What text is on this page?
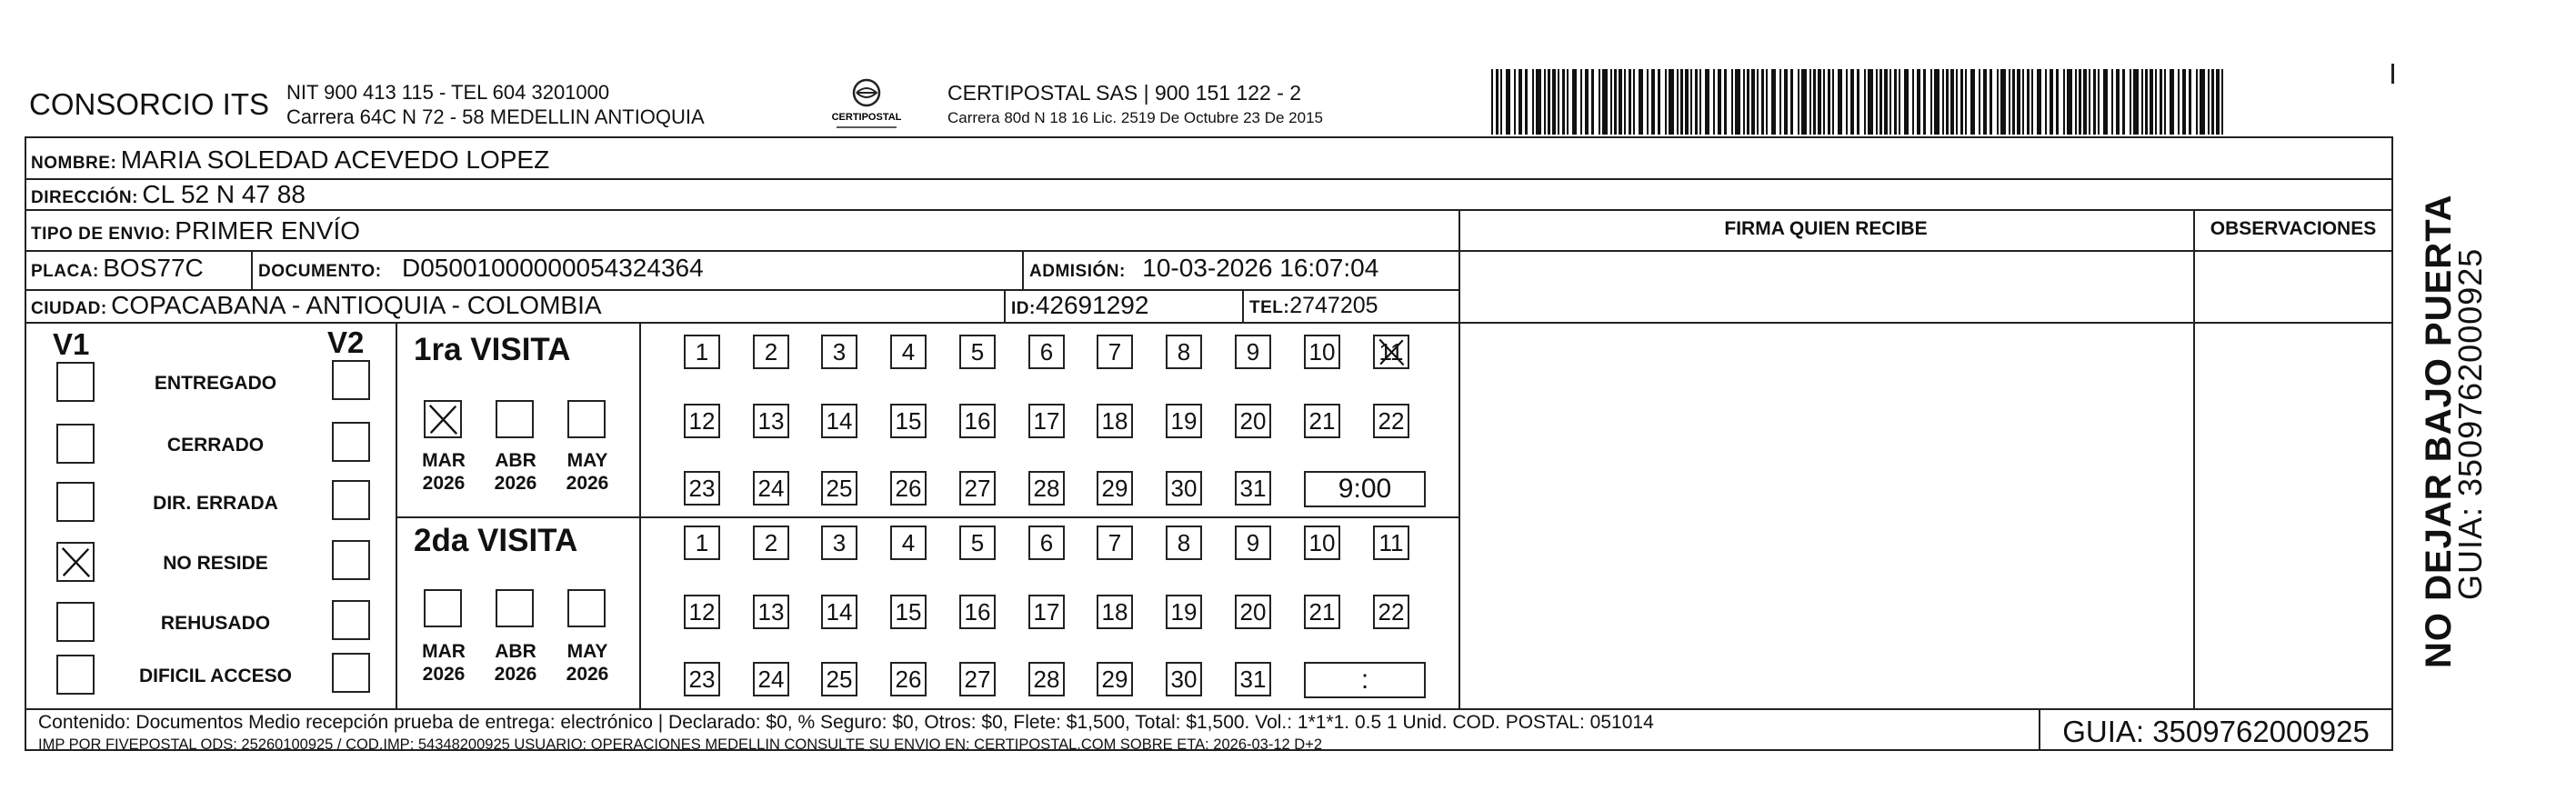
CONSORCIO ITS NIT 900 413 115 - TEL 604 3201000
Carrera 64C N 72 - 58 MEDELLIN ANTIOQUIA	CERTIPOSTAL
CERTIPOSTAL SAS | 900 151 122 - 2
Carrera 80d N 18 16 Lic. 2519 De Octubre 23 De 2015
NOMBRE: MARIA SOLEDAD ACEVEDO LOPEZ
DIRECCIÓN: CL 52 N 47 88
TIPO DE ENVIO: PRIMER ENVÍO
PLACA: BOS77C	DOCUMENTO: D05001000000054324364	ADMISIÓN: 10-03-2026 16:07:04
CIUDAD: COPACABANA - ANTIOQUIA - COLOMBIA	ID:42691292	TEL:2747205
FIRMA QUIEN RECIBE	OBSERVACIONES
V1	V2
ENTREGADO
CERRADO
DIR. ERRADA
NO RESIDE
REHUSADO
DIFICIL ACCESO
1ra VISITA
2da VISITA
1 2 3 4 5 6 7 8 9 10 11
12 13 14 15 16 17 18 19 20 21 22
23 24 25 26 27 28 29 30 31	9:00
1 2 3 4 5 6 7 8 9 10 11
12 13 14 15 16 17 18 19 20 21 22
23 24 25 26 27 28 29 30 31	:
MAR
2026
ABR
2026
MAY
2026
MAR
2026
ABR
2026
MAY
2026
Contenido: Documentos Medio recepción prueba de entrega: electrónico | Declarado: $0, % Seguro: $0, Otros: $0, Flete: $1,500, Total: $1,500. Vol.: 1*1*1. 0.5 1 Unid. COD. POSTAL: 051014
IMP POR FIVEPOSTAL ODS: 25260100925 / COD.IMP: 54348200925 USUARIO: OPERACIONES MEDELLIN CONSULTE SU ENVIO EN: CERTIPOSTAL.COM SOBRE ETA: 2026-03-12 D+2	GUIA: 3509762000925
NO DEJAR BAJO PUERTA
GUIA: 3509762000925
